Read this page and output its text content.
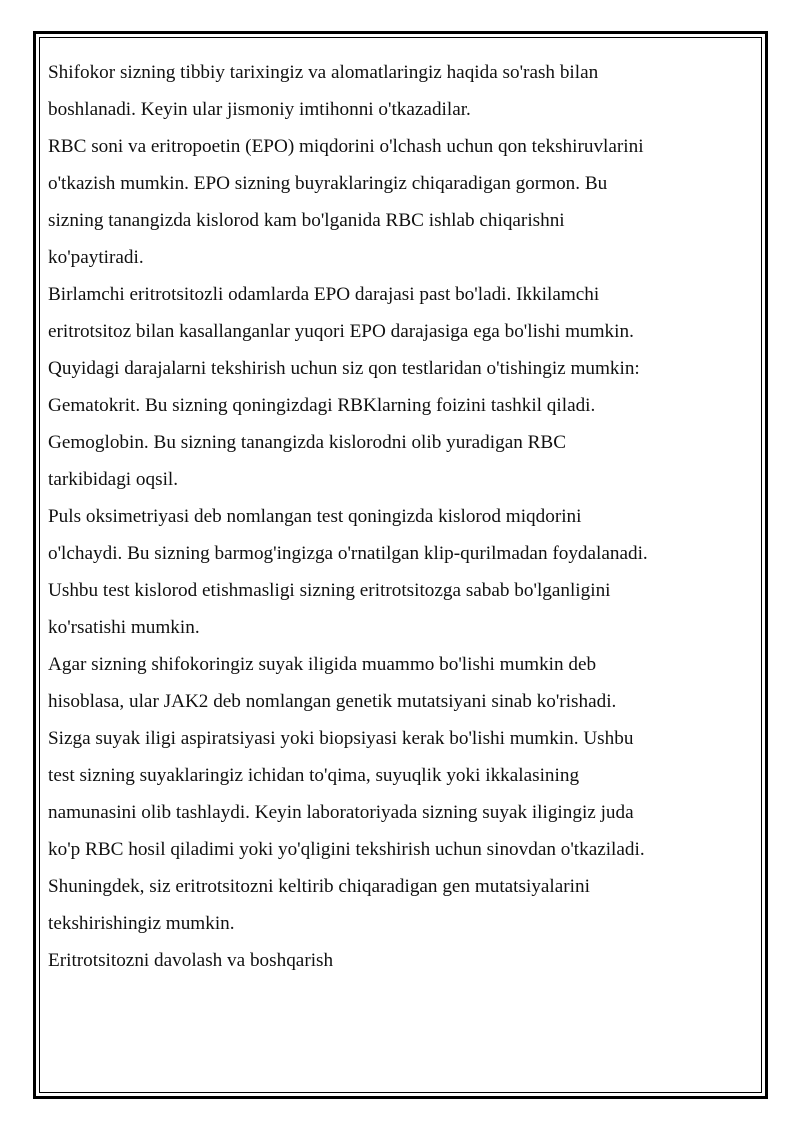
Shifokor sizning tibbiy tarixingiz va alomatlaringiz haqida so'rash bilan
boshlanadi. Keyin ular jismoniy imtihonni o'tkazadilar.
RBC soni va eritropoetin (EPO) miqdorini o'lchash uchun qon tekshiruvlarini
o'tkazish mumkin. EPO sizning buyraklaringiz chiqaradigan gormon. Bu
sizning tanangizda kislorod kam bo'lganida RBC ishlab chiqarishni
ko'paytiradi.
Birlamchi eritrotsitozli odamlarda EPO darajasi past bo'ladi. Ikkilamchi
eritrotsitoz bilan kasallanganlar yuqori EPO darajasiga ega bo'lishi mumkin.
Quyidagi darajalarni tekshirish uchun siz qon testlaridan o'tishingiz mumkin:
Gematokrit. Bu sizning qoningizdagi RBKlarning foizini tashkil qiladi.
Gemoglobin. Bu sizning tanangizda kislorodni olib yuradigan RBC
tarkibidagi oqsil.
Puls oksimetriyasi deb nomlangan test qoningizda kislorod miqdorini
o'lchaydi. Bu sizning barmog'ingizga o'rnatilgan klip-qurilmadan foydalanadi.
Ushbu test kislorod etishmasligi sizning eritrotsitozga sabab bo'lganligini
ko'rsatishi mumkin.
Agar sizning shifokoringiz suyak iligida muammo bo'lishi mumkin deb
hisoblasa, ular JAK2 deb nomlangan genetik mutatsiyani sinab ko'rishadi.
Sizga suyak iligi aspiratsiyasi yoki biopsiyasi kerak bo'lishi mumkin. Ushbu
test sizning suyaklaringiz ichidan to'qima, suyuqlik yoki ikkalasining
namunasini olib tashlaydi. Keyin laboratoriyada sizning suyak iligingiz juda
ko'p RBC hosil qiladimi yoki yo'qligini tekshirish uchun sinovdan o'tkaziladi.
Shuningdek, siz eritrotsitozni keltirib chiqaradigan gen mutatsiyalarini
tekshirishingiz mumkin.
Eritrotsitozni davolash va boshqarish
